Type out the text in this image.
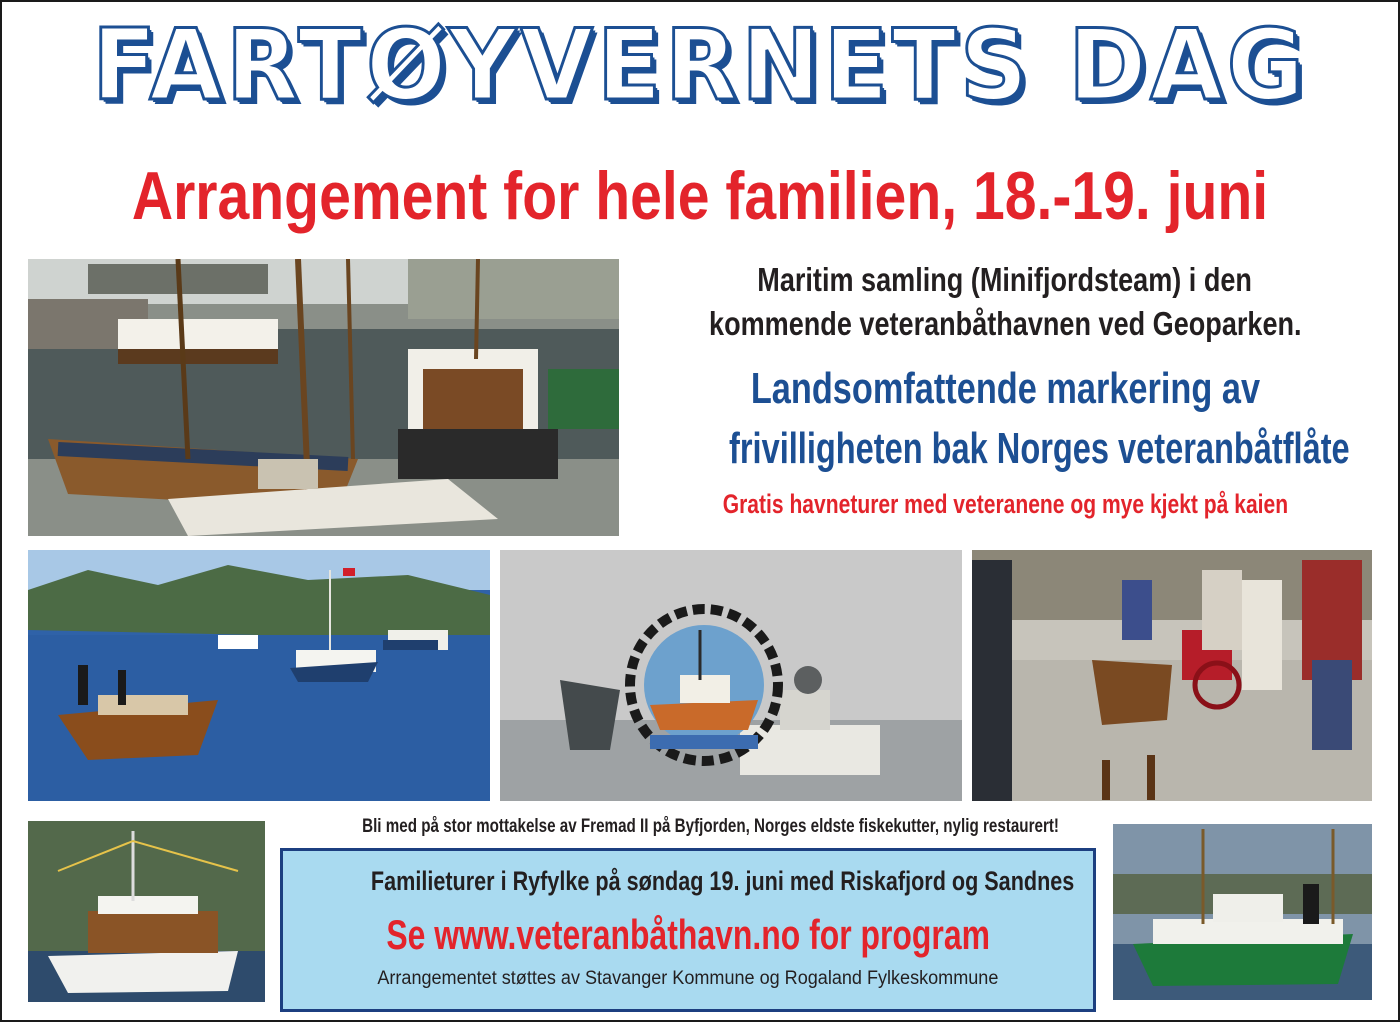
FARTØYVERNETS DAG
Arrangement for hele familien, 18.-19. juni
Maritim samling (Minifjordsteam) i den
kommende veteranbåthavnen ved Geoparken.
Landsomfattende markering av
frivilligheten bak Norges veteranbåtflåte
Gratis havneturer med veteranene og mye kjekt på kaien
Bli med på stor mottakelse av Fremad II på Byfjorden, Norges eldste fiskekutter, nylig restaurert!
Familieturer i Ryfylke på søndag 19. juni med Riskafjord og Sandnes
Se www.veteranbåthavn.no for program
Arrangementet støttes av Stavanger Kommune og Rogaland Fylkeskommune
